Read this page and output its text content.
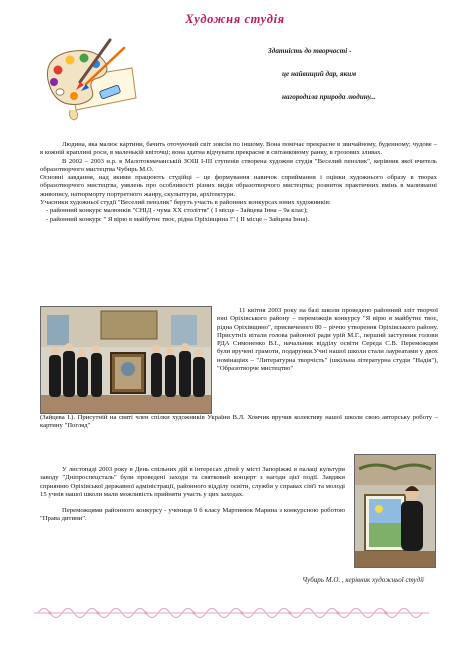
Художня студія
Здатність до творчості -
це найвищий дар, яким
нагородила природа людину...

Людина, яка малює картини, бачить оточуючий світ зовсім по іншому. Вона помічає прекрасне в звичайному, буденному; чудове – в кожній краплині роси, в маленькій квіточці; вона здатна відчувати прекрасне в світанковому ранку, в грозових зливах.

В 2002 – 2003 н.р. в Малотокмачанській ЗОШ І-ІІІ ступенів створена художня студія "Веселий пензлик", керівник якої вчитель образотворчого мистецтва Чубирь М.О.

Основні завдання, над якими працюють студійці – це формування навичок сприймання і оцінки художнього образу в творах образотворчого мистецтва, уявлень про особливості різних видів образотворчого мистецтва; розвиток практичних вмінь в малюванні живопису, натюрморту портретного жанру, скульптури, архітектури.

Учасники художньої студії "Веселий пензлик" беруть участь в районних конкурсах юних художників:

- районний конкурс малюнків "СНІД - чума ХХ століття" ( І місце - Зайцева Інна – 9а клас);

- районний конкурс " Я вірю в майбутнє твоє, рідна Оріхівщина !" ( ІІ місце – Зайцева Інна).

11 квітня 2003 року на базі школи проведено районний зліт творчої юні Оріхівського району – переможців конкурсу "Я вірю в майбутнє твоє, рідна Оріхівщино", присвяченого 80 – річчю утворення Оріхівського району. Присутніх вітали голова районної ради урій М.Г., перший заступник голови РДА Симоненко В.І., начальник відділу освіти Середа С.В. Переможцям були вручені грамоти, подарунки.Учні нашої школи стали лауреатами у двох номінаціях – "Литературна творчість" (шкільна літературна студія "Надія"), "Образотворче мистецтво"

(Зайцева І.). Присутній на святі член спілки художників України В.Л. Хомчик вручив колективу нашої школи свою авторську роботу – картину "Погляд"

У листопаді 2003 року в День спільних дій в інтересах дітей у місті Запоріжжі в палаці культури заводу "Дніпроспецсталь" були проведені заходи та святковий концерт з нагоди цієї події. Завдяки сприянню Оріхівської державної адміністрації, районного відділу освіти, служби у справах сім'ї та молоді 15 учнів нашої школи мали можливість прийняти участь у цих заходах.

Переможцями районного конкурсу - учениця 9 б класу Мартинюк Марина з конкурсною роботою "Права дитини".

Чубирь М.О. , керівник художньої студії
